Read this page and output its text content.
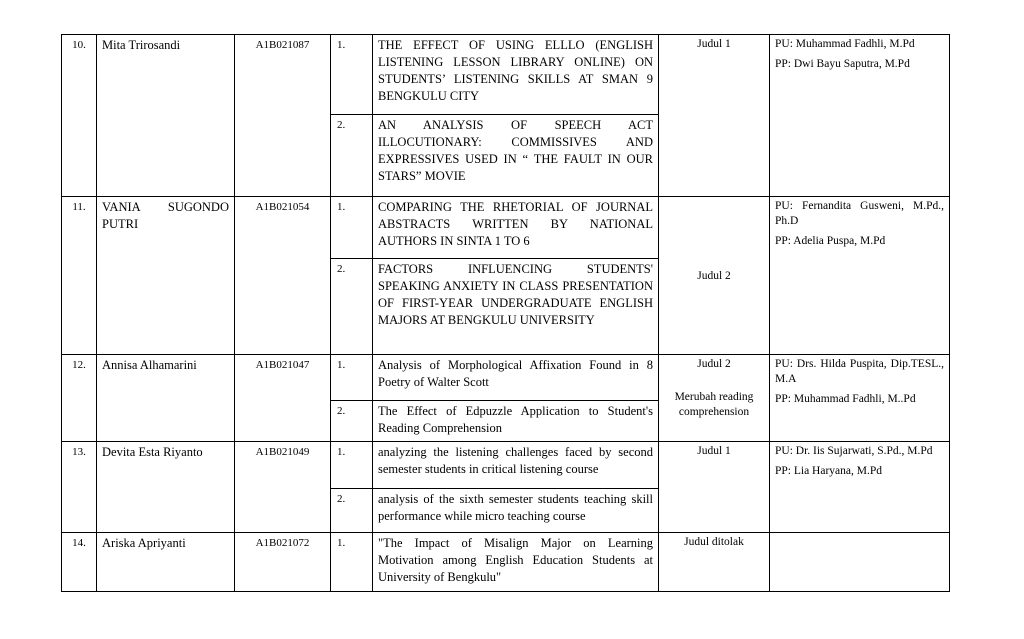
10.	Mita Trirosandi	A1B021087	1.	THE EFFECT OF USING ELLLO (ENGLISH LISTENING LESSON LIBRARY ONLINE) ON STUDENTS’ LISTENING SKILLS AT SMAN 9 BENGKULU CITY	Judul 1	PU: Muhammad Fadhli, M.Pd
PP: Dwi Bayu Saputra, M.Pd

			2.	AN ANALYSIS OF SPEECH ACT ILLOCUTIONARY: COMMISSIVES AND EXPRESSIVES USED IN “ THE FAULT IN OUR STARS” MOVIE		
11.	VANIA SUGONDO PUTRI	A1B021054	1.	COMPARING THE RHETORIAL OF JOURNAL ABSTRACTS WRITTEN BY NATIONAL AUTHORS IN SINTA 1 TO 6	Judul 2	PU: Fernandita Gusweni, M.Pd., Ph.D
PP: Adelia Puspa, M.Pd

			2.	FACTORS INFLUENCING STUDENTS' SPEAKING ANXIETY IN CLASS PRESENTATION OF FIRST-YEAR UNDERGRADUATE ENGLISH MAJORS AT BENGKULU UNIVERSITY		
12.	Annisa Alhamarini	A1B021047	1.	Analysis of Morphological Affixation Found in 8 Poetry of Walter Scott	Judul 2
Merubah reading comprehension	PU: Drs. Hilda Puspita, Dip.TESL., M.A
PP: Muhammad Fadhli, M..Pd

			2.	The Effect of Edpuzzle Application to Student's Reading Comprehension		
13.	Devita Esta Riyanto	A1B021049	1.	analyzing the listening challenges faced by second semester students in critical listening course	Judul 1	PU: Dr. Iis Sujarwati, S.Pd., M.Pd
PP: Lia Haryana, M.Pd

			2.	analysis of the sixth semester students teaching skill performance while micro teaching course		
14.	Ariska Apriyanti	A1B021072	1.	"The Impact of Misalign Major on Learning Motivation among English Education Students at University of Bengkulu"	Judul ditolak	
